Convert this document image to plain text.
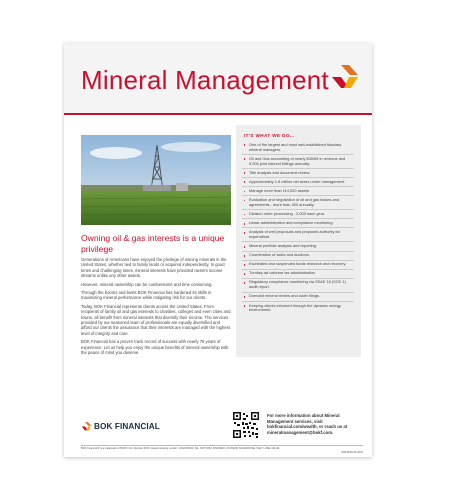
Mineral Management

Owning oil & gas interests is a unique privilege

Generations of Americans have enjoyed the privilege of owning minerals in the United States, whether tied to family lands or acquired independently. In good times and challenging times, mineral interests have provided owners income streams unlike any other assets.

However, mineral ownership can be cumbersome and time consuming.

Through the booms and busts BOK Financial has hardened its skills in maximizing mineral performance while mitigating risk for our clients.

Today, BOK Financial represents clients across the United States. From recipients of family oil and gas interests to charities, colleges and even cities and towns, all benefit from mineral interests that diversify their income. The services provided by our seasoned team of professionals are equally diversified and afford our clients the assurance that their interests are managed with the highest level of integrity and care.

BOK Financial has a proven track record of success with nearly 75 years of experience. Let us help you enjoy the unique benefits of mineral ownership with the peace of mind you deserve.

IT'S WHAT WE DO...

One of the largest and most well-established fiduciary mineral managers.
Oil and Gas accounting of nearly $400M in revenue and 5,000 joint interest billings annually.
Title analysis and document review.
Approximately 1.8 million net acres under management.
Manage more than 114,000 assets.
Evaluation and negotiation of oil and gas leases and agreements - more than 300 annually.
Division order processing - 2,000 each year.
Lease administration and compliance monitoring.
Analysis of well proposals and proposed authority for expenditure.
Mineral portfolio analysis and reporting.
Coordination of sales and auctions.
Escheated and suspended funds research and recovery.
Turnkey ad valorem tax administration.
Regulatory compliance monitoring via SSAE 16 (SOC 1) audit report.
Dormant mineral review and claim filings.
Keeping clients informed through the dynamic energy environment.
BOK FINANCIAL

For more information about Mineral Management services, visit bokfinancial.com/wealth, or reach us at mineralmanagement@bokf.com.

BOK Financial® is a trademark of BOKF, NA. Member FDIC. Equal Housing Lender. ©2022 BOKF, NA. NOT FDIC INSURED | NO BANK GUARANTEE | MAY LOSE VALUE

WM-0019-04-2022
